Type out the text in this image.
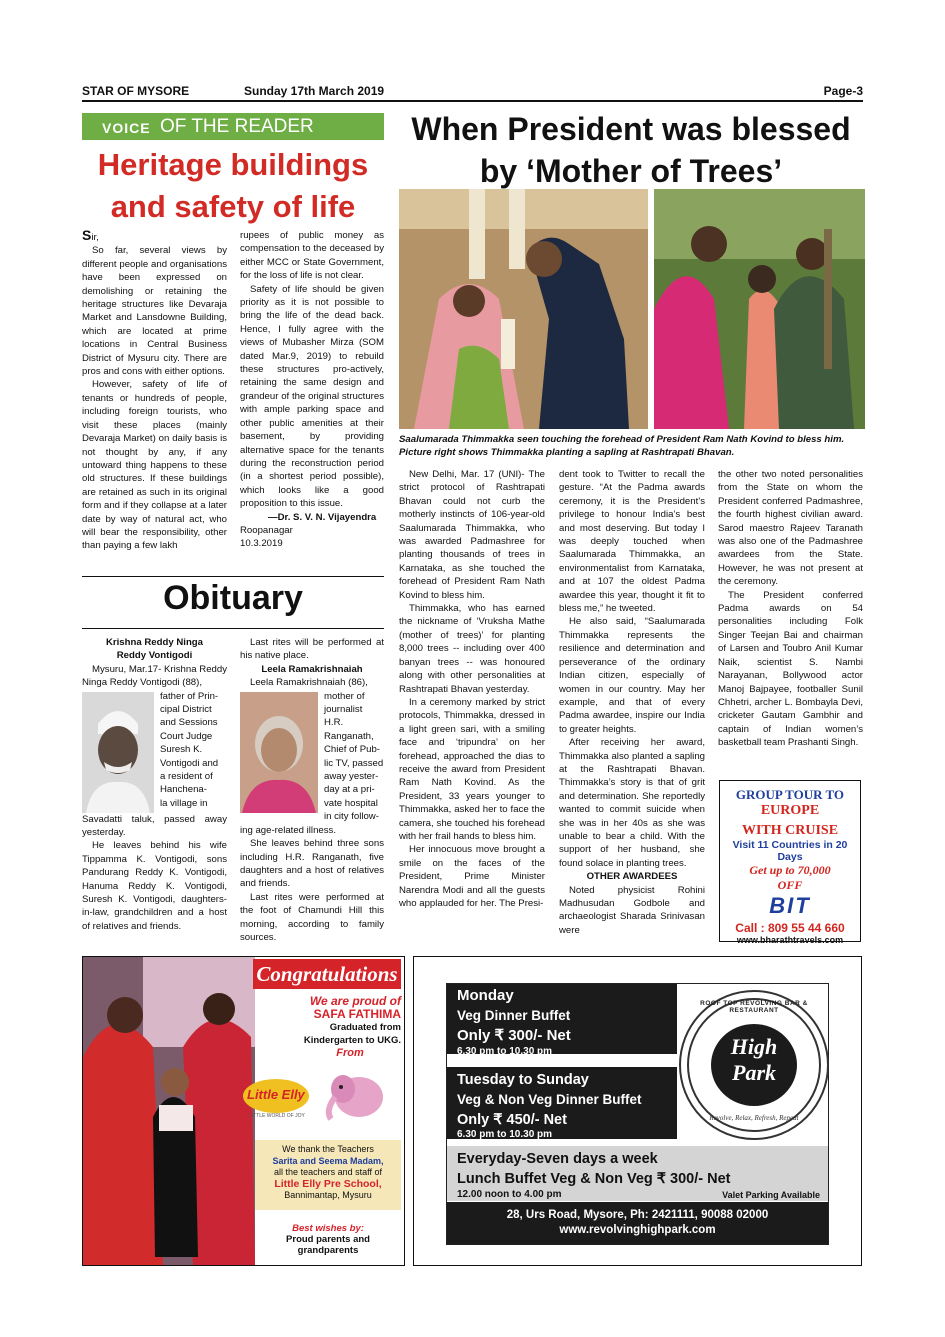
STAR OF MYSORE	Sunday 17th March 2019	Page-3
VOICE OF THE READER
Heritage buildings
and safety of life

Sir,

So far, several views by different people and organisations have been expressed on demolishing or retaining the heritage structures like Devaraja Market and Lansdowne Building, which are located at prime locations in Central Business District of Mysuru city. There are pros and cons with either options.

However, safety of life of tenants or hundreds of people, including foreign tourists, who visit these places (mainly Devaraja Market) on daily basis is not thought by any, if any untoward thing happens to these old structures. If these buildings are retained as such in its original form and if they collapse at a later date by way of natural act, who will bear the responsibility, other than paying a few lakh

rupees of public money as compensation to the deceased by either MCC or State Government, for the loss of life is not clear.

Safety of life should be given priority as it is not possible to bring the life of the dead back. Hence, I fully agree with the views of Mubasher Mirza (SOM dated Mar.9, 2019) to rebuild these structures pro-actively, retaining the same design and grandeur of the original structures with ample parking space and other public amenities at their basement, by providing alternative space for the tenants during the reconstruction period (in a shortest period possible), which looks like a good proposition to this issue.

—Dr. S. V. N. Vijayendra

Roopanagar

10.3.2019

When President was blessed
by ‘Mother of Trees’
Saalumarada Thimmakka seen touching the forehead of President Ram Nath Kovind to bless him.
Picture right shows Thimmakka planting a sapling at Rashtrapati Bhavan.

New Delhi, Mar. 17 (UNI)- The strict protocol of Rashtrapati Bhavan could not curb the motherly instincts of 106-year-old Saalumarada Thimmakka, who was awarded Padmashree for planting thousands of trees in Karnataka, as she touched the forehead of President Ram Nath Kovind to bless him.

Thimmakka, who has earned the nickname of ‘Vruksha Mathe (mother of trees)’ for planting 8,000 trees -- including over 400 banyan trees -- was honoured along with other personalities at Rashtrapati Bhavan yesterday.

In a ceremony marked by strict protocols, Thimmakka, dressed in a light green sari, with a smiling face and ‘tripundra’ on her forehead, approached the dias to receive the award from President Ram Nath Kovind. As the President, 33 years younger to Thimmakka, asked her to face the camera, she touched his forehead with her frail hands to bless him.

Her innocuous move brought a smile on the faces of the President, Prime Minister Narendra Modi and all the guests who applauded for her. The Presi-

dent took to Twitter to recall the gesture. “At the Padma awards ceremony, it is the President’s privilege to honour India’s best and most deserving. But today I was deeply touched when Saalumarada Thimmakka, an environmentalist from Karnataka, and at 107 the oldest Padma awardee this year, thought it fit to bless me,” he tweeted.

He also said, “Saalumarada Thimmakka represents the resilience and determination and perseverance of the ordinary Indian citizen, especially of women in our country. May her example, and that of every Padma awardee, inspire our India to greater heights.

After receiving her award, Thimmakka also planted a sapling at the Rashtrapati Bhavan. Thimmakka’s story is that of grit and determination. She reportedly wanted to commit suicide when she was in her 40s as she was unable to bear a child. With the support of her husband, she found solace in planting trees.

OTHER AWARDEES

Noted physicist Rohini Madhusudan Godbole and archaeologist Sharada Srinivasan were

the other two noted personalities from the State on whom the President conferred Padmashree, the fourth highest civilian award. Sarod maestro Rajeev Taranath was also one of the Padmashree awardees from the State. However, he was not present at the ceremony.

The President conferred Padma awards on 54 personalities including Folk Singer Teejan Bai and chairman of Larsen and Toubro Anil Kumar Naik, scientist S. Nambi Narayanan, Bollywood actor Manoj Bajpayee, footballer Sunil Chhetri, archer L. Bombayla Devi, cricketer Gautam Gambhir and captain of Indian women’s basketball team Prashanti Singh.

GROUP TOUR TO
EUROPE
WITH CRUISE
Visit 11 Countries in 20 Days
Get up to 70,000
OFF
BIT
Call : 809 55 44 660
www.bharathtravels.com
Obituary
Krishna Reddy Ninga
Reddy Vontigodi

Mysuru, Mar.17- Krishna Reddy Ninga Reddy Vontigodi (88),

father of Prin-
cipal District
and Sessions
Court Judge
Suresh K.
Vontigodi and
a resident of
Hanchena-
la village in

Savadatti taluk, passed away yesterday.

He leaves behind his wife Tippamma K. Vontigodi, sons Pandurang Reddy K. Vontigodi, Hanuma Reddy K. Vontigodi, Suresh K. Vontigodi, daughters-in-law, grandchildren and a host of relatives and friends.

Last rites will be performed at his native place.

Leela Ramakrishnaiah

Leela Ramakrishnaiah (86),

mother of
journalist H.R.
Ranganath,
Chief of Pub-
lic TV, passed
away yester-
day at a pri-
vate hospital
in city follow-

ing age-related illness.

She leaves behind three sons including H.R. Ranganath, five daughters and a host of relatives and friends.

Last rites were performed at the foot of Chamundi Hill this morning, according to family sources.

Congratulations
We are proud of
SAFA FATHIMA
Graduated from
Kindergarten to UKG.
From
Little Elly
LITTLE WORLD OF JOY
We thank the Teachers
Sarita and Seema Madam,
all the teachers and staff of
Little Elly Pre School,
Bannimantap, Mysuru
Best wishes by:
Proud parents and
grandparents
Monday
Veg Dinner Buffet
Only ₹ 300/- Net
6.30 pm to 10.30 pm
Tuesday to Sunday
Veg & Non Veg Dinner Buffet
Only ₹ 450/- Net
6.30 pm to 10.30 pm
Everyday-Seven days a week
Lunch Buffet Veg & Non Veg ₹ 300/- Net
12.00 noon to 4.00 pm	Valet Parking Available
28, Urs Road, Mysore, Ph: 2421111, 90088 02000
www.revolvinghighpark.com
ROOF TOP REVOLVING BAR & RESTAURANT
High
Park
Revolve, Relax, Refresh, Repeat
